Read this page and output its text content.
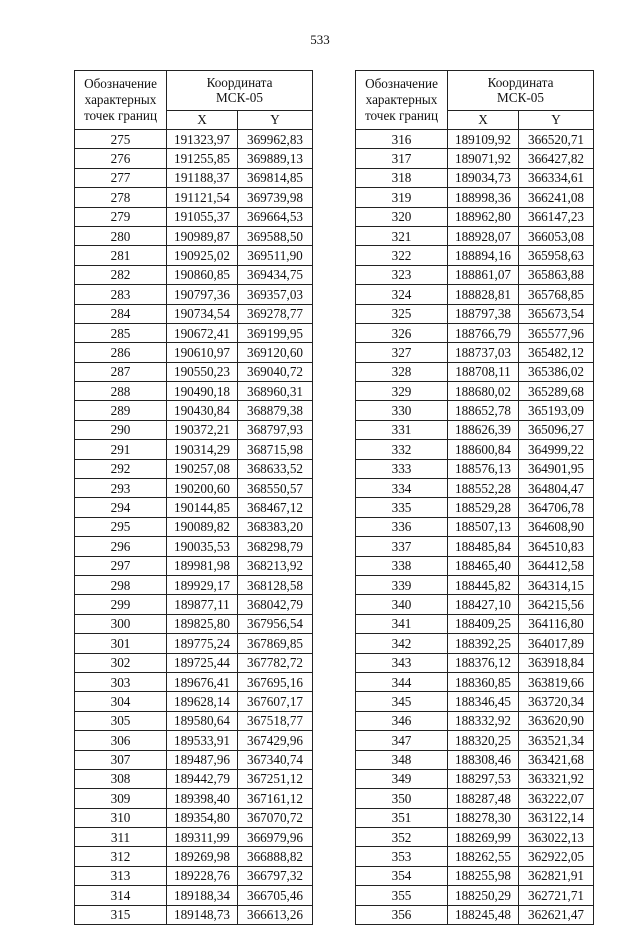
533
Обозначение характерных точек границ	Координата
МСК-05	
	X	Y
275	191323,97	369962,83
276	191255,85	369889,13
277	191188,37	369814,85
278	191121,54	369739,98
279	191055,37	369664,53
280	190989,87	369588,50
281	190925,02	369511,90
282	190860,85	369434,75
283	190797,36	369357,03
284	190734,54	369278,77
285	190672,41	369199,95
286	190610,97	369120,60
287	190550,23	369040,72
288	190490,18	368960,31
289	190430,84	368879,38
290	190372,21	368797,93
291	190314,29	368715,98
292	190257,08	368633,52
293	190200,60	368550,57
294	190144,85	368467,12
295	190089,82	368383,20
296	190035,53	368298,79
297	189981,98	368213,92
298	189929,17	368128,58
299	189877,11	368042,79
300	189825,80	367956,54
301	189775,24	367869,85
302	189725,44	367782,72
303	189676,41	367695,16
304	189628,14	367607,17
305	189580,64	367518,77
306	189533,91	367429,96
307	189487,96	367340,74
308	189442,79	367251,12
309	189398,40	367161,12
310	189354,80	367070,72
311	189311,99	366979,96
312	189269,98	366888,82
313	189228,76	366797,32
314	189188,34	366705,46
315	189148,73	366613,26
Обозначение характерных точек границ	Координата
МСК-05	
	X	Y
316	189109,92	366520,71
317	189071,92	366427,82
318	189034,73	366334,61
319	188998,36	366241,08
320	188962,80	366147,23
321	188928,07	366053,08
322	188894,16	365958,63
323	188861,07	365863,88
324	188828,81	365768,85
325	188797,38	365673,54
326	188766,79	365577,96
327	188737,03	365482,12
328	188708,11	365386,02
329	188680,02	365289,68
330	188652,78	365193,09
331	188626,39	365096,27
332	188600,84	364999,22
333	188576,13	364901,95
334	188552,28	364804,47
335	188529,28	364706,78
336	188507,13	364608,90
337	188485,84	364510,83
338	188465,40	364412,58
339	188445,82	364314,15
340	188427,10	364215,56
341	188409,25	364116,80
342	188392,25	364017,89
343	188376,12	363918,84
344	188360,85	363819,66
345	188346,45	363720,34
346	188332,92	363620,90
347	188320,25	363521,34
348	188308,46	363421,68
349	188297,53	363321,92
350	188287,48	363222,07
351	188278,30	363122,14
352	188269,99	363022,13
353	188262,55	362922,05
354	188255,98	362821,91
355	188250,29	362721,71
356	188245,48	362621,47
